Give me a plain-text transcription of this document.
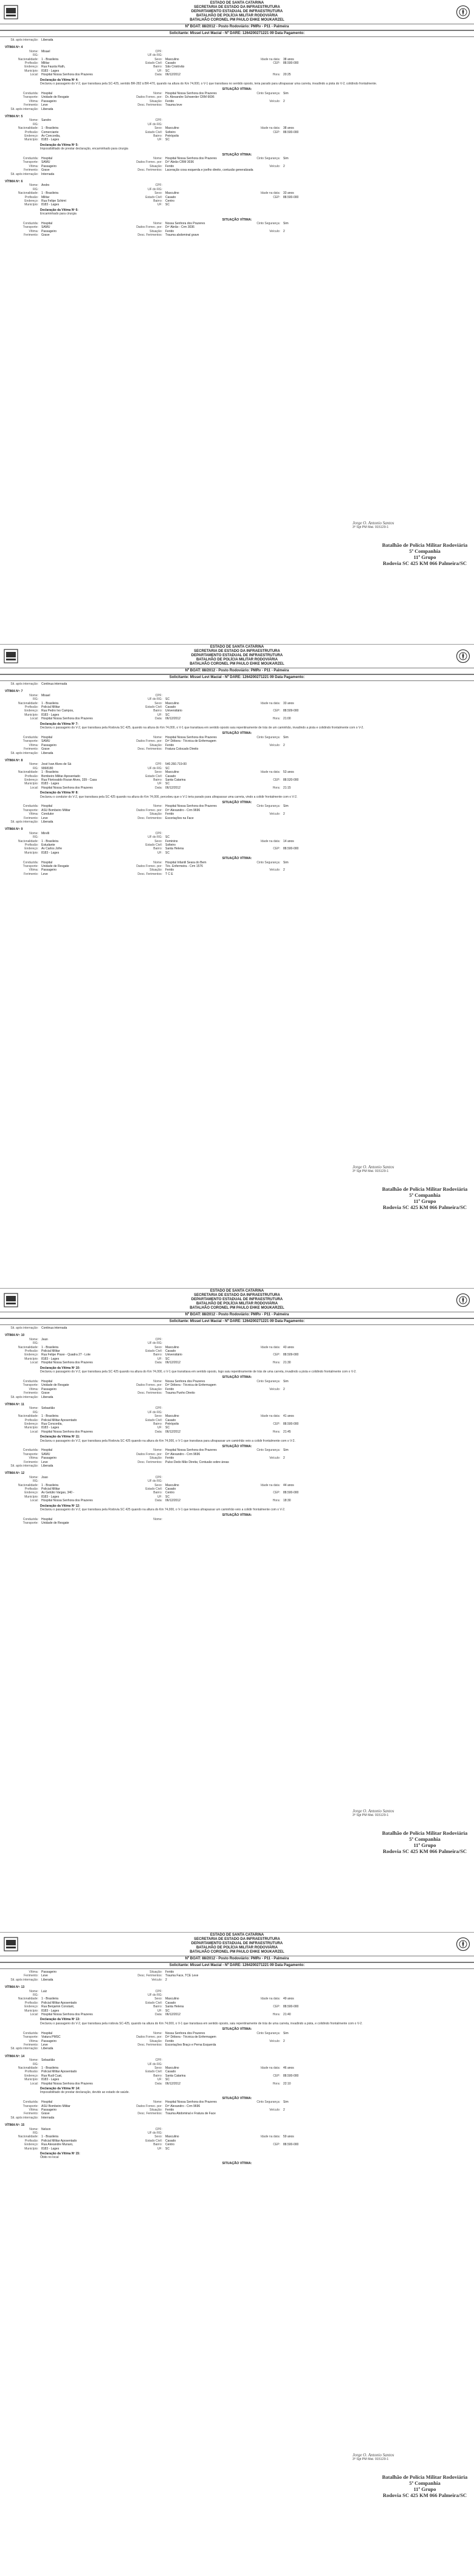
ESTADO DE SANTA CATARINA
SECRETARIA DE ESTADO DA INFRAESTRUTURA
DEPARTAMENTO ESTADUAL DE INFRAESTRUTURA
BATALHÃO DE POLÍCIA MILITAR RODOVIÁRIA
BATALHÃO CORONEL PM PAULO EHKE MOUKARZEL
Nº BOAT: 88/2012 - Posto Rodoviário: PMRv - P11 - Palmeira
Solicitante: Missel Levi Macial - Nº DARE: 1264200271221 09 Data Pagamento:
Sit. após internação:	Liberada
VÍTIMA Nº: 4
Nome:	Misael	CPF:
RG:	UF do RG:
Nacionalidade:	1 - Brasileira	Sexo:	Masculino	Idade na data:	38 anos
Profissão:	Militar	Estado Civil:	Casado	CEP:	88.500-000
Endereço:	Rua Fausta Rath,	Bairro:	São Cristóvão
Município:	8183 - Lages	UF:	SC
Local:	Hospital Nossa Senhora dos Prazeres	Data:	06/12/2012	Hora:	20:25
Declaração da Vítima Nº 4:
Declarou o passageiro do V-2, que transitava pela SC-425, sentido BR-282 à BR-470, quando na altura do Km 74,000, o V-1 que transitava no sentido oposto, teria parado para ultrapassar uma carreta, invadindo a pista do V-2, colidindo frontalmente.
SITUAÇÃO VÍTIMA:
Conduzida:	Hospital	Nome:	Hospital Nossa Senhora dos Prazeres	Cinto Segurança:	Sim
Transporte:	Unidade de Resgate	Dados Fornec. por:	Dr. Alexandre Schwerder CRM 6696
Vítima:	Passageiro	Situação:	Ferido	Veículo:	2
Ferimento:	Leve	Desc. Ferimentos:	Trauma leve
Sit. após internação:	Liberada
VÍTIMA Nº: 5
Nome:	Sandro	CPF:
RG:	UF do RG:
Nacionalidade:	1 - Brasileira	Sexo:	Masculino	Idade na data:	38 anos
Profissão:	Comerciante	Estado Civil:	Solteiro	CEP:	88.500-000
Endereço:	Av Concordia,	Bairro:	Petrópolis
Município:	8183 - Lages	UF:	SC
Declaração da Vítima Nº 5:
Impossibilitado de prestar declaração, encaminhado para cirurgia
SITUAÇÃO VÍTIMA:
Conduzida:	Hospital	Nome:	Hospital Nossa Senhora dos Prazeres	Cinto Segurança:	Sim
Transporte:	SAMU	Dados Fornec. por:	Dr° Abrão CRM 3036
Vítima:	Passageiro	Situação:	Ferido	Veículo:	2
Ferimento:	Grave	Desc. Ferimentos:	Laceração coxa esquerda e joelho direito, contusão generalizada
Sit. após internação:	Internada
VÍTIMA Nº: 6
Nome:	Andro	CPF:
RG:	UF do RG:
Nacionalidade:	1 - Brasileira	Sexo:	Masculino	Idade na data:	33 anos
Profissão:	Militar	Estado Civil:	Casado	CEP:	88.500-000
Endereço:	Rua Felipe Schimt	Bairro:	Centro
Município:	8183 - Lages	UF:	SC
Declaração da Vítima Nº 6:
Encaminhado para cirurgia
SITUAÇÃO VÍTIMA:
Conduzida:	Hospital	Nome:	Nossa Senhora dos Prazeres	Cinto Segurança:	Sim
Transporte:	SAMU	Dados Fornec. por:	Drº Abrão - Crm 3036
Vítima:	Passageiro	Situação:	Ferido	Veículo:	2
Ferimento:	Grave	Desc. Ferimentos:	Trauma abdominal grave
Jorge O. Antonio Santos
3º Sgt PM Mat. 915129-1
Batalhão de Polícia Militar Rodoviária
5ª Companhia
11º Grupo
Rodovia SC 425 KM 066 Palmeira/SC
ESTADO DE SANTA CATARINA
SECRETARIA DE ESTADO DA INFRAESTRUTURA
DEPARTAMENTO ESTADUAL DE INFRAESTRUTURA
BATALHÃO DE POLÍCIA MILITAR RODOVIÁRIA
BATALHÃO CORONEL PM PAULO EHKE MOUKARZEL
Nº BOAT: 88/2012 - Posto Rodoviário: PMRv - P11 - Palmeira
Solicitante: Missel Levi Macial - Nº DARE: 1264200271221 09 Data Pagamento:
Sit. após internação:	Continua internada
VÍTIMA Nº: 7
Nome:	Misael	CPF:
RG:	UF do RG:	SC
Nacionalidade:	1 - Brasileira	Sexo:	Masculino	Idade na data:	33 anos
Profissão:	Policial Militar	Estado Civil:	Casado
Endereço:	Rua Pedro Ivo Campos,	Bairro:	Universitário	CEP:	88.509-000
Município:	8183 - Lages	UF:	SC
Local:	Hospital Nossa Senhora dos Prazeres	Data:	06/12/2012	Hora:	21:00
Declaração da Vítima Nº 7:
Declarou o passageiro do V-2, que transitava pela Rodovia SC 425, quando na altura do Km 74,000, o V-1 que transitava em sentido oposto saiu repentinamente de trás de um caminhão, invadindo a pista e colidindo frontalmente com o V-2.
SITUAÇÃO VÍTIMA:
Conduzida:	Hospital	Nome:	Hospital Nossa Senhora dos Prazeres	Cinto Segurança:	Sim
Transporte:	SAMU	Dados Fornec. por:	Drº Débora - Técnica de Enfermagem
Vítima:	Passageiro	Situação:	Ferido	Veículo:	2
Ferimento:	Grave	Desc. Ferimentos:	Fratura Colocado Direito
Sit. após internação:	Liberada
VÍTIMA Nº: 8
Nome:	José Ivan Alves de Sá	CPF:	540.260.719-00
RG:	9068180	UF do RG:	SC
Nacionalidade:	1 - Brasileira	Sexo:	Masculino	Idade na data:	53 anos
Profissão:	Bombeiro Militar Aposentado	Estado Civil:	Casado
Endereço:	Rua Florisvaldo Rozan Alves, 339 - Casa	Bairro:	Santa Catarina	CEP:	88.520-000
Município:	8183 - Lages	UF:	SC
Local:	Hospital Nossa Senhora dos Prazeres	Data:	06/12/2012	Hora:	21:15
Declaração da Vítima Nº 8:
Declarou o condutor do V-2, que transitava pela SC 425 quando na altura do Km 74,000, percebeu que o V-1 teria parado para ultrapassar uma carreta, vindo a colidir frontalmente com o V-2.
SITUAÇÃO VÍTIMA:
Conduzida:	Hospital	Nome:	Hospital Nossa Senhora dos Prazeres	Cinto Segurança:	Sim
Transporte:	ASU Bombeiro Militar	Dados Fornec. por:	Drº Alexandro - Crm 9696
Vítima:	Condutor	Situação:	Ferido	Veículo:	2
Ferimento:	Leve	Desc. Ferimentos:	Escoriações na Face
Sit. após internação:	Liberada
VÍTIMA Nº: 9
Nome:	Mirelli	CPF:
RG:	UF do RG:	SC
Nacionalidade:	1 - Brasileira	Sexo:	Feminino	Idade na data:	14 anos
Profissão:	Estudante	Estado Civil:	Solteiro
Endereço:	Av Carlos Jofre	Bairro:	Santa Helena	CEP:	88.500-000
Município:	8183 - Lages	UF:	SC
SITUAÇÃO VÍTIMA:
Conduzida:	Hospital	Nome:	Hospital Infantil Seara do Bem	Cinto Segurança:	Sim
Transporte:	Unidade de Resgate	Dados Fornec. por:	Téc. Enfermeira - Crm 1576
Vítima:	Passageiro	Situação:	Ferido	Veículo:	2
Ferimento:	Leve	Desc. Ferimentos:	T C E
Jorge O. Antonio Santos
3º Sgt PM Mat. 915129-1
Batalhão de Polícia Militar Rodoviária
5ª Companhia
11º Grupo
Rodovia SC 425 KM 066 Palmeira/SC
ESTADO DE SANTA CATARINA
SECRETARIA DE ESTADO DA INFRAESTRUTURA
DEPARTAMENTO ESTADUAL DE INFRAESTRUTURA
BATALHÃO DE POLÍCIA MILITAR RODOVIÁRIA
BATALHÃO CORONEL PM PAULO EHKE MOUKARZEL
Nº BOAT: 88/2012 - Posto Rodoviário: PMRv - P11 - Palmeira
Solicitante: Missel Levi Macial - Nº DARE: 1264200271221 09 Data Pagamento:
Sit. após internação:	Continua internada
VÍTIMA Nº: 10
Nome:	Jean	CPF:
RG:	UF do RG:
Nacionalidade:	1 - Brasileira	Sexo:	Masculino	Idade na data:	43 anos
Profissão:	Policial Militar	Estado Civil:	Casado
Endereço:	Rua Felipe Praxe - Quadra 27 - Lote	Bairro:	Universitário	CEP:	88.509-000
Município:	8183 - Lages	UF:	SC
Local:	Hospital Nossa Senhora dos Prazeres	Data:	06/12/2012	Hora:	21:30
Declaração da Vítima Nº 10:
Declarou o passageiro do V-2, que transitava pela SC 425 quando na altura do Km 74,000, o V-1 que transitava em sentido oposto, logo saiu repentinamente de trás de uma carreta, invadindo a pista e colidindo frontalmente com o V-2.
SITUAÇÃO VÍTIMA:
Conduzida:	Hospital	Nome:	Nossa Senhora dos Prazeres	Cinto Segurança:	Sim
Transporte:	Unidade de Resgate	Dados Fornec. por:	Drº Débora - Técnica de Enfermagem
Vítima:	Passageiro	Situação:	Ferido	Veículo:	2
Ferimento:	Grave	Desc. Ferimentos:	Trauma Punho Direito
Sit. após internação:	Liberada
VÍTIMA Nº: 11
Nome:	Sebastião	CPF:
RG:	UF do RG:
Nacionalidade:	1 - Brasileira	Sexo:	Masculino	Idade na data:	41 anos
Profissão:	Policial Militar Aposentado	Estado Civil:	Casado
Endereço:	Rua Concordia,	Bairro:	Petrópolis	CEP:	88.500-000
Município:	8183 - Lages	UF:	SC
Local:	Hospital Nossa Senhora dos Prazeres	Data:	06/12/2012	Hora:	21:45
Declaração da Vítima Nº 11:
Declarou o passageiro do V-2, que transitava pela Rodovia SC 425 quando na altura do Km 74,000, o V-1 que transitava para ultrapassar um caminhão veio a colidir frontalmente com o V-2.
SITUAÇÃO VÍTIMA:
Conduzida:	Hospital	Nome:	Hospital Nossa Senhora dos Prazeres	Cinto Segurança:	Sim
Transporte:	SAMU	Dados Fornec. por:	Drº Alexandro - Crm 9696
Vítima:	Passageiro	Situação:	Ferido	Veículo:	2
Ferimento:	Leve	Desc. Ferimentos:	Pulso Dedo Mão Direita; Contusão sobre áreas
Sit. após internação:	Liberada
VÍTIMA Nº: 12
Nome:	Joao	CPF:
RG:	UF do RG:
Nacionalidade:	1 - Brasileira	Sexo:	Masculino	Idade na data:	44 anos
Profissão:	Policial Militar	Estado Civil:	Casado
Endereço:	Av Getúlio Vargas, 340 -	Bairro:	Centro	CEP:	88.500-000
Município:	8183 - Lages	UF:	SC
Local:	Hospital Nossa Senhora dos Prazeres	Data:	06/12/2012	Hora:	18:30
Declaração da Vítima Nº 12:
Declarou o passageiro do V-2, que transitava pela Rodovia SC 425 quando na altura do Km 74,000, o V-1 que tentava ultrapassar um caminhão veio a colidir frontalmente com o V-2.
SITUAÇÃO VÍTIMA:
Conduzida:	Hospital	Nome:
Transporte:	Unidade de Resgate
Jorge O. Antonio Santos
3º Sgt PM Mat. 915129-1
Batalhão de Polícia Militar Rodoviária
5ª Companhia
11º Grupo
Rodovia SC 425 KM 066 Palmeira/SC
ESTADO DE SANTA CATARINA
SECRETARIA DE ESTADO DA INFRAESTRUTURA
DEPARTAMENTO ESTADUAL DE INFRAESTRUTURA
BATALHÃO DE POLÍCIA MILITAR RODOVIÁRIA
BATALHÃO CORONEL PM PAULO EHKE MOUKARZEL
Nº BOAT: 88/2012 - Posto Rodoviário: PMRv - P11 - Palmeira
Solicitante: Missel Levi Macial - Nº DARE: 1264200271221 09 Data Pagamento:
Vítima:	Passageiro	Situação:	Ferido
Ferimento:	Leve	Desc. Ferimentos:	Trauma Face, TCE Leve
Sit. após internação:	Liberada	Veículo:	2
VÍTIMA Nº: 13
Nome:	Luiz	CPF:
RG:	UF do RG:
Nacionalidade:	1 - Brasileira	Sexo:	Masculino	Idade na data:	49 anos
Profissão:	Policial Militar Aposentado	Estado Civil:	Casado
Endereço:	Rua Benjamin Constant,	Bairro:	Santa Helena	CEP:	88.500-000
Município:	8183 - Lages	UF:	SC
Local:	Hospital Nossa Senhora dos Prazeres	Data:	06/12/2012	Hora:	21:40
Declaração da Vítima Nº 13:
Declarou o passageiro do V-2, que transitava pela rodovia SC-425, quando na altura do Km 74,000, o V-1 que transitava em sentido oposto, saiu repentinamente de trás de uma carreta, invadindo a pista, e colidindo frontalmente com o V-2.
SITUAÇÃO VÍTIMA:
Conduzida:	Hospital	Nome:	Nossa Senhora dos Prazeres	Cinto Segurança:	Sim
Transporte:	Viatura PMSC	Dados Fornec. por:	Drº Débora - Técnica de Enfermagem
Vítima:	Passageiro	Situação:	Ferido	Veículo:	2
Ferimento:	Leve	Desc. Ferimentos:	Escoriações Braço e Perna Esquerda
Sit. após internação:	Liberada
VÍTIMA Nº: 14
Nome:	Sebastião	CPF:
RG:	UF do RG:
Nacionalidade:	1 - Brasileira	Sexo:	Masculino	Idade na data:	46 anos
Profissão:	Policial Militar Aposentado	Estado Civil:	Casado
Endereço:	Rua Rudi Cuat,	Bairro:	Santa Catarina	CEP:	88.500-000
Município:	8183 - Lages	UF:	SC
Local:	Hospital Nossa Senhora dos Prazeres	Data:	06/12/2012	Hora:	22:10
Declaração da Vítima Nº 14:
Impossibilitado de prestar declaração, devido ao estado de saúde.
SITUAÇÃO VÍTIMA:
Conduzida:	Hospital	Nome:	Hospital Nossa Senhora dos Prazeres	Cinto Segurança:	Sim
Transporte:	ASU Bombeiro Militar	Dados Fornec. por:	Drº Alexandro - Crm 9696
Vítima:	Passageiro	Situação:	Ferido	Veículo:	2
Ferimento:	Grave	Desc. Ferimentos:	Trauma Abdominal e Fratura de Face
Sit. após internação:	Internada
VÍTIMA Nº: 15
Nome:	Nelson	CPF:
RG:	UF do RG:
Nacionalidade:	1 - Brasileira	Sexo:	Masculino	Idade na data:	59 anos
Profissão:	Policial Militar Aposentado	Estado Civil:	Casado
Endereço:	Rua Alexandre Munaro,	Bairro:	Centro	CEP:	88.500-000
Município:	8183 - Lages	UF:	SC
Declaração da Vítima Nº 15:
Óbito no local
SITUAÇÃO VÍTIMA:
Jorge O. Antonio Santos
3º Sgt PM Mat. 915129-1
Batalhão de Polícia Militar Rodoviária
5ª Companhia
11º Grupo
Rodovia SC 425 KM 066 Palmeira/SC
